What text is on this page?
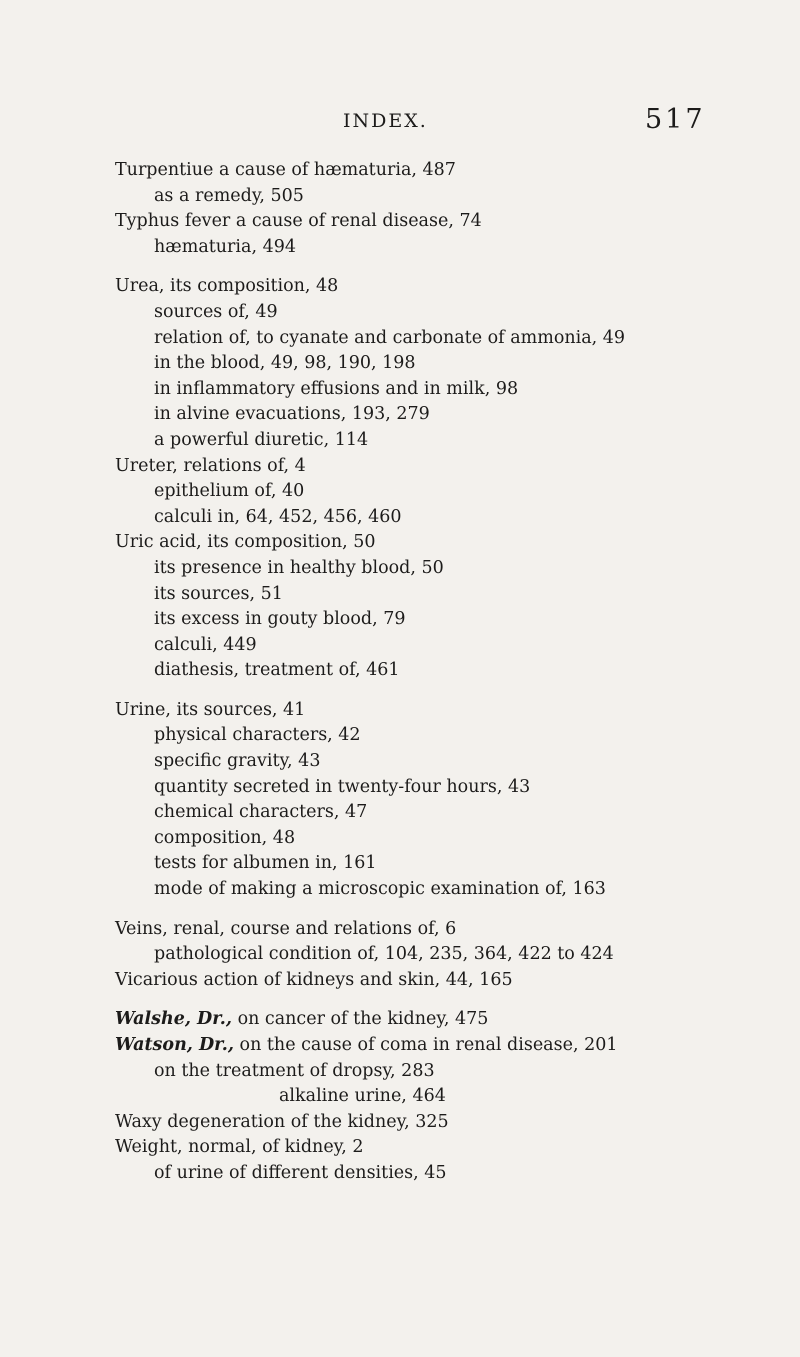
INDEX.	517
Turpentiue a cause of hæmaturia, 487
as a remedy, 505
Typhus fever a cause of renal disease, 74
hæmaturia, 494
Urea, its composition, 48
sources of, 49
relation of, to cyanate and carbonate of ammonia, 49
in the blood, 49, 98, 190, 198
in inflammatory effusions and in milk, 98
in alvine evacuations, 193, 279
a powerful diuretic, 114
Ureter, relations of, 4
epithelium of, 40
calculi in, 64, 452, 456, 460
Uric acid, its composition, 50
its presence in healthy blood, 50
its sources, 51
its excess in gouty blood, 79
calculi, 449
diathesis, treatment of, 461
Urine, its sources, 41
physical characters, 42
specific gravity, 43
quantity secreted in twenty-four hours, 43
chemical characters, 47
composition, 48
tests for albumen in, 161
mode of making a microscopic examination of, 163
Veins, renal, course and relations of, 6
pathological condition of, 104, 235, 364, 422 to 424
Vicarious action of kidneys and skin, 44, 165
Walshe, Dr., on cancer of the kidney, 475
Watson, Dr., on the cause of coma in renal disease, 201
on the treatment of dropsy, 283
alkaline urine, 464
Waxy degeneration of the kidney, 325
Weight, normal, of kidney, 2
of urine of different densities, 45
